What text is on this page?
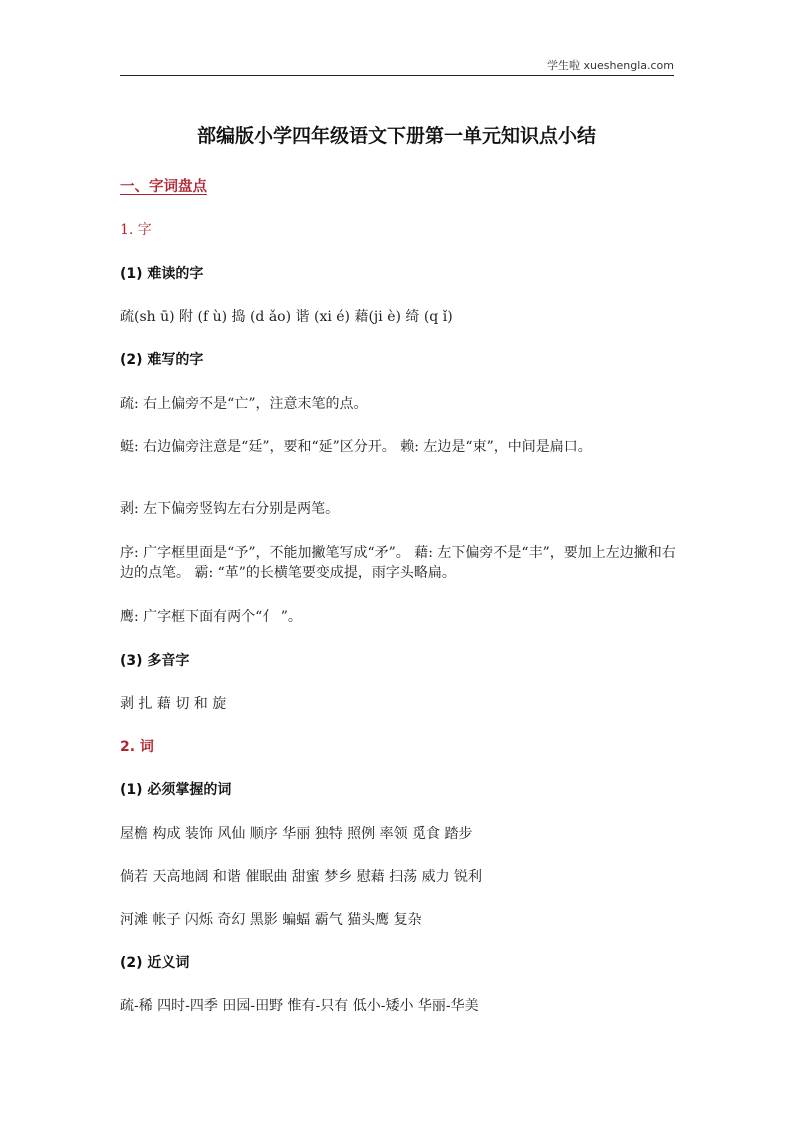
学生啦 xueshengla.com
部编版小学四年级语文下册第一单元知识点小结
一、字词盘点
1. 字
(1) 难读的字
疏(sh ū) 附 (f ù) 捣 (d ǎo) 谐 (xi é) 藉(ji è) 绮 (q ǐ)
(2) 难写的字
疏: 右上偏旁不是“亡”，注意末笔的点。
蜓: 右边偏旁注意是“廷”，要和“延”区分开。 赖: 左边是“束”，中间是扁口。
剥: 左下偏旁竖钩左右分别是两笔。
序: 广字框里面是“予”，不能加撇笔写成“矛”。 藉: 左下偏旁不是“丰”，要加上左边撇和右边的点笔。 霸: “革”的长横笔要变成提，雨字头略扁。
鹰: 广字框下面有两个“亻 ”。
(3) 多音字
剥 扎 藉 切 和 旋
2. 词
(1) 必须掌握的词
屋檐 构成 装饰 风仙 顺序 华丽 独特 照例 率领 觅食 踏步
倘若 天高地阔 和谐 催眠曲 甜蜜 梦乡 慰藉 扫荡 威力 锐利
河滩 帐子 闪烁 奇幻 黑影 蝙蝠 霸气 猫头鹰 复杂
(2) 近义词
疏-稀 四时-四季 田园-田野 惟有-只有 低小-矮小 华丽-华美
